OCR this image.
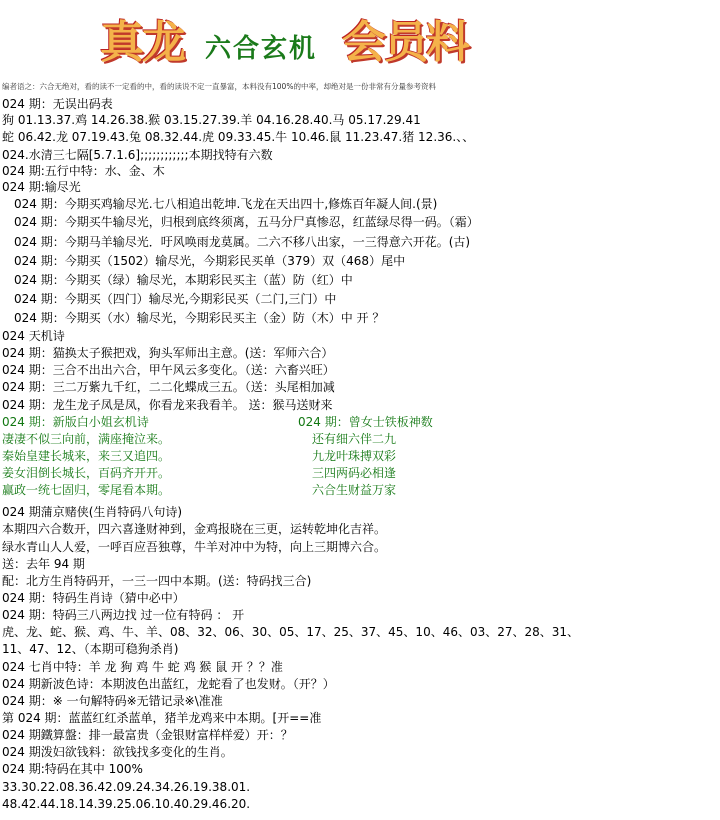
真龙 六合玄机 会员料
编者语之：六合无绝对，看的读不一定看的中，看的读说不定一直暴富，本料没有100%的中率，却绝对是一份非常有分量参考资料
024 期：无误出码表
狗 01.13.37.鸡 14.26.38.猴 03.15.27.39.羊 04.16.28.40.马 05.17.29.41
蛇 06.42.龙 07.19.43.兔 08.32.44.虎 09.33.45.牛 10.46.鼠 11.23.47.猪 12.36.、、
024.水清三七隔[5.7.1.6];;;;;;;;;;;;本期找特有六数
024 期:五行中特：水、金、木
024 期:输尽光
024 期：今期买鸡输尽光.七八相追出乾坤.飞龙在天出四十,修炼百年凝人间.(景)
024 期：今期买牛输尽光，归根到底终须离，五马分尸真惨忍，红蓝绿尽得一码。（霜）
024 期：今期马羊输尽光．吁风唤雨龙莫属。二六不移八出家，一三得意六开花。(古)
024 期：今期买（1502）输尽光，今期彩民买单（379）双（468）尾中
024 期：今期买（绿）输尽光，本期彩民买主（蓝）防（红）中
024 期：今期买（四门）输尽光,今期彩民买（二门,三门）中
024 期：今期买（水）输尽光，今期彩民买主（金）防（木）中 开 ？
024 天机诗
024 期：猫换太子猴把戏，狗头军师出主意。(送：军师六合）
024 期：三合不出出六合，甲午风云多变化。（送：六畜兴旺）
024 期：三二万紫九千红，二二化蝶成三五。（送：头尾相加减
024 期：龙生龙子凤是凤，你看龙来我看羊。 送：猴马送财来
024 期蒲京赌侠(生肖特码八句诗)
本期四六合数开，四六喜逢财神到，金鸡报晓在三更，运转乾坤化吉祥。
绿水青山人人爱，一呼百应吾独尊，牛羊对冲中为特，向上三期博六合。
送：去年 94 期
配：北方生肖特码开，一三一四中本期。(送：特码找三合)
024 期：特码生肖诗（猜中必中）
024 期：特码三八两边找 过一位有特码 ： 开
虎、龙、蛇、猴、鸡、牛、羊、08、32、06、30、05、17、25、37、45、10、46、03、27、28、31、
11、47、12、（本期可稳狗杀肖)
024 七肖中特：羊 龙 狗 鸡 牛 蛇 鸡 猴 鼠 开 ？？准
024 期新波色诗：本期波色出蓝红，龙蛇看了也发财。（开？）
024 期：※ 一句解特码※无错记录※\准准
第 024 期：蓝蓝红红杀蓝单，猪羊龙鸡来中本期。[开==准
024 期鐵算盤：排一最富贵（金银财富样样爱）开：？
024 期泼妇欲钱料：欲钱找多变化的生肖。
024 期:特码在其中 100%
33.30.22.08.36.42.09.24.34.26.19.38.01.
48.42.44.18.14.39.25.06.10.40.29.46.20.
024 期：新版白小姐玄机诗	024 期：曾女士铁板神数
凄凄不似三向前，满座掩泣来。	还有细六伴二九
秦始皇建长城来，来三又追四。	九龙叶珠搏双彩
姜女泪倒长城长，百码齐开开。	三四两码必相逢
赢政一统七固归，零尾看本期。	六合生财益万家
